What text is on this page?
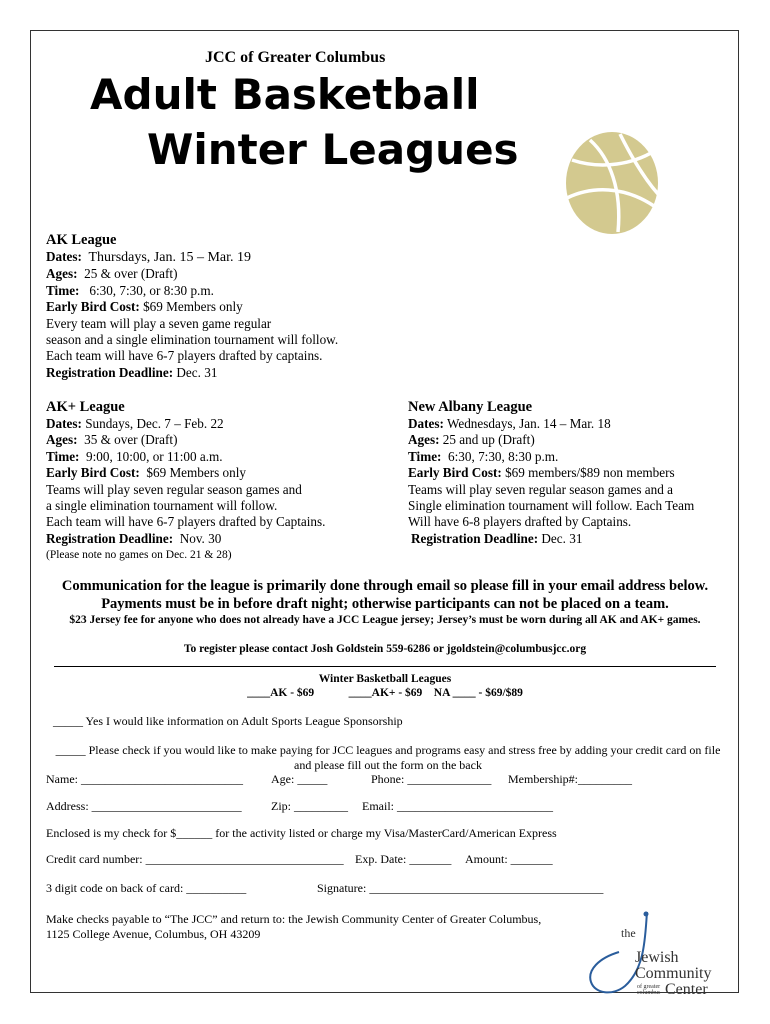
JCC of Greater Columbus
Adult Basketball
Winter Leagues
AK League
Dates: Thursdays, Jan. 15 – Mar. 19
Ages: 25 & over (Draft)
Time: 6:30, 7:30, or 8:30 p.m.
Early Bird Cost: $69 Members only
Every team will play a seven game regular
season and a single elimination tournament will follow.
Each team will have 6-7 players drafted by captains.
Registration Deadline: Dec. 31
AK+ League
Dates: Sundays, Dec. 7 – Feb. 22
Ages: 35 & over (Draft)
Time: 9:00, 10:00, or 11:00 a.m.
Early Bird Cost: $69 Members only
Teams will play seven regular season games and
a single elimination tournament will follow.
Each team will have 6-7 players drafted by Captains.
Registration Deadline: Nov. 30
(Please note no games on Dec. 21 & 28)
New Albany League
Dates: Wednesdays, Jan. 14 – Mar. 18
Ages: 25 and up (Draft)
Time: 6:30, 7:30, 8:30 p.m.
Early Bird Cost: $69 members/$89 non members
Teams will play seven regular season games and a
Single elimination tournament will follow. Each Team
Will have 6-8 players drafted by Captains.
Registration Deadline: Dec. 31
Communication for the league is primarily done through email so please fill in your email address below.
Payments must be in before draft night; otherwise participants can not be placed on a team.
$23 Jersey fee for anyone who does not already have a JCC League jersey; Jersey’s must be worn during all AK and AK+ games.
To register please contact Josh Goldstein 559-6286 or jgoldstein@columbusjcc.org
Winter Basketball Leagues
____AK - $69            ____AK+ - $69    NA ____ - $69/$89
_____ Yes I would like information on Adult Sports League Sponsorship
_____ Please check if you would like to make paying for JCC leagues and programs easy and stress free by adding your credit card on file and please fill out the form on the back
Name: ___________________________ Age: _____	Phone: ______________ Membership#:_________
Address: _________________________ Zip: _________ Email: __________________________
Enclosed is my check for $______ for the activity listed or charge my Visa/MasterCard/American Express
Credit card number: _________________________________ Exp. Date: _______ Amount: _______
3 digit code on back of card: __________	Signature: _______________________________________
Make checks payable to “The JCC” and return to: the Jewish Community Center of Greater Columbus,
1125 College Avenue, Columbus, OH 43209	the
Jewish
Community
Center
of greater
columbus
